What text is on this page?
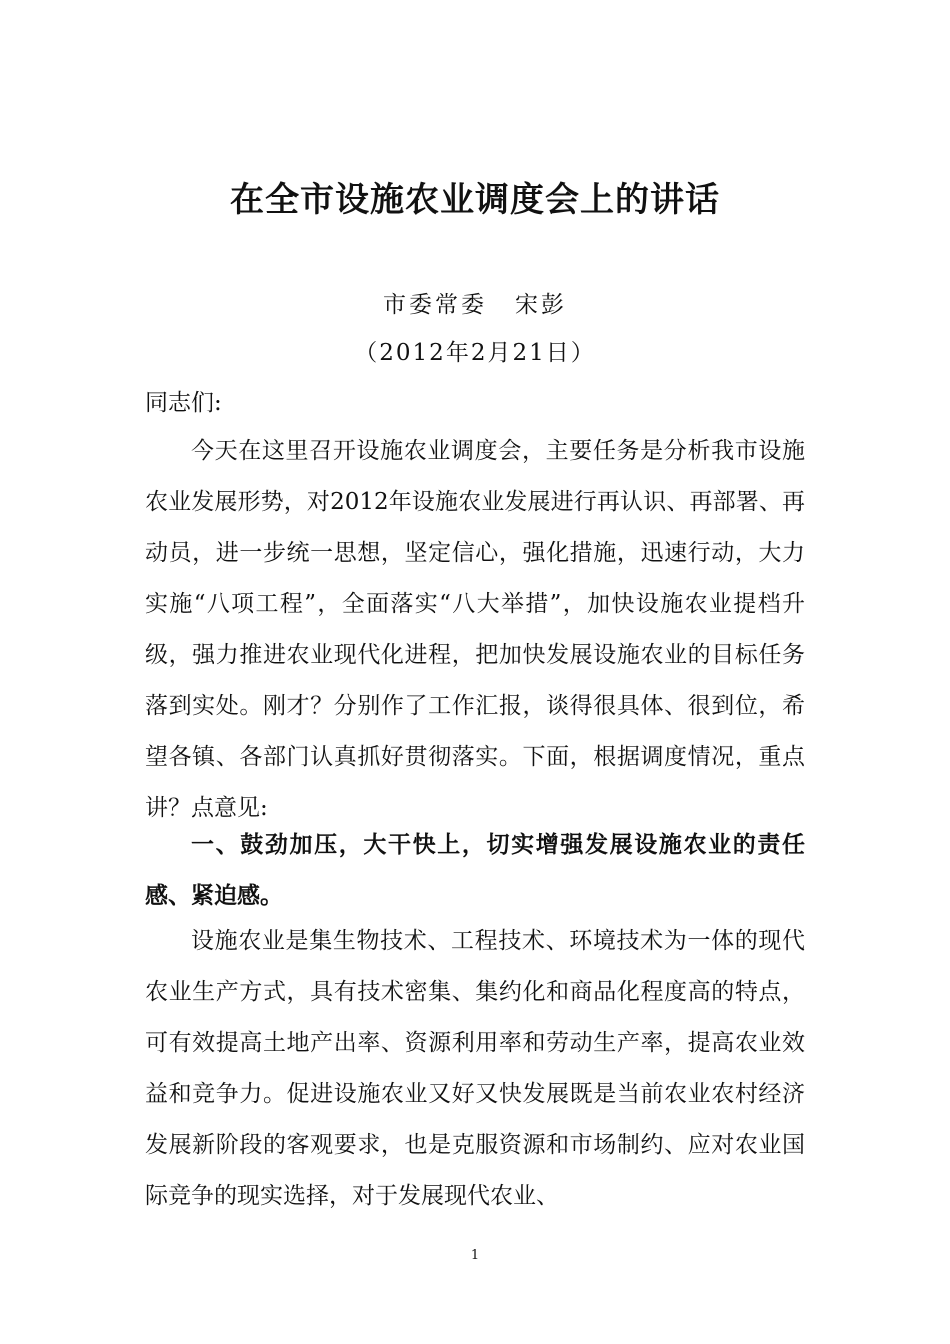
在全市设施农业调度会上的讲话
市委常委 宋彭
（2012年2月21日）
同志们:

今天在这里召开设施农业调度会，主要任务是分析我市设施农业发展形势，对2012年设施农业发展进行再认识、再部署、再动员，进一步统一思想，坚定信心，强化措施，迅速行动，大力实施“八项工程”，全面落实“八大举措”，加快设施农业提档升级，强力推进农业现代化进程，把加快发展设施农业的目标任务落到实处。刚才？分别作了工作汇报，谈得很具体、很到位，希望各镇、各部门认真抓好贯彻落实。下面，根据调度情况，重点讲？点意见:

一、鼓劲加压，大干快上，切实增强发展设施农业的责任感、紧迫感。

设施农业是集生物技术、工程技术、环境技术为一体的现代农业生产方式，具有技术密集、集约化和商品化程度高的特点，可有效提高土地产出率、资源利用率和劳动生产率，提高农业效益和竞争力。促进设施农业又好又快发展既是当前农业农村经济发展新阶段的客观要求，也是克服资源和市场制约、应对农业国际竞争的现实选择，对于发展现代农业、

1
